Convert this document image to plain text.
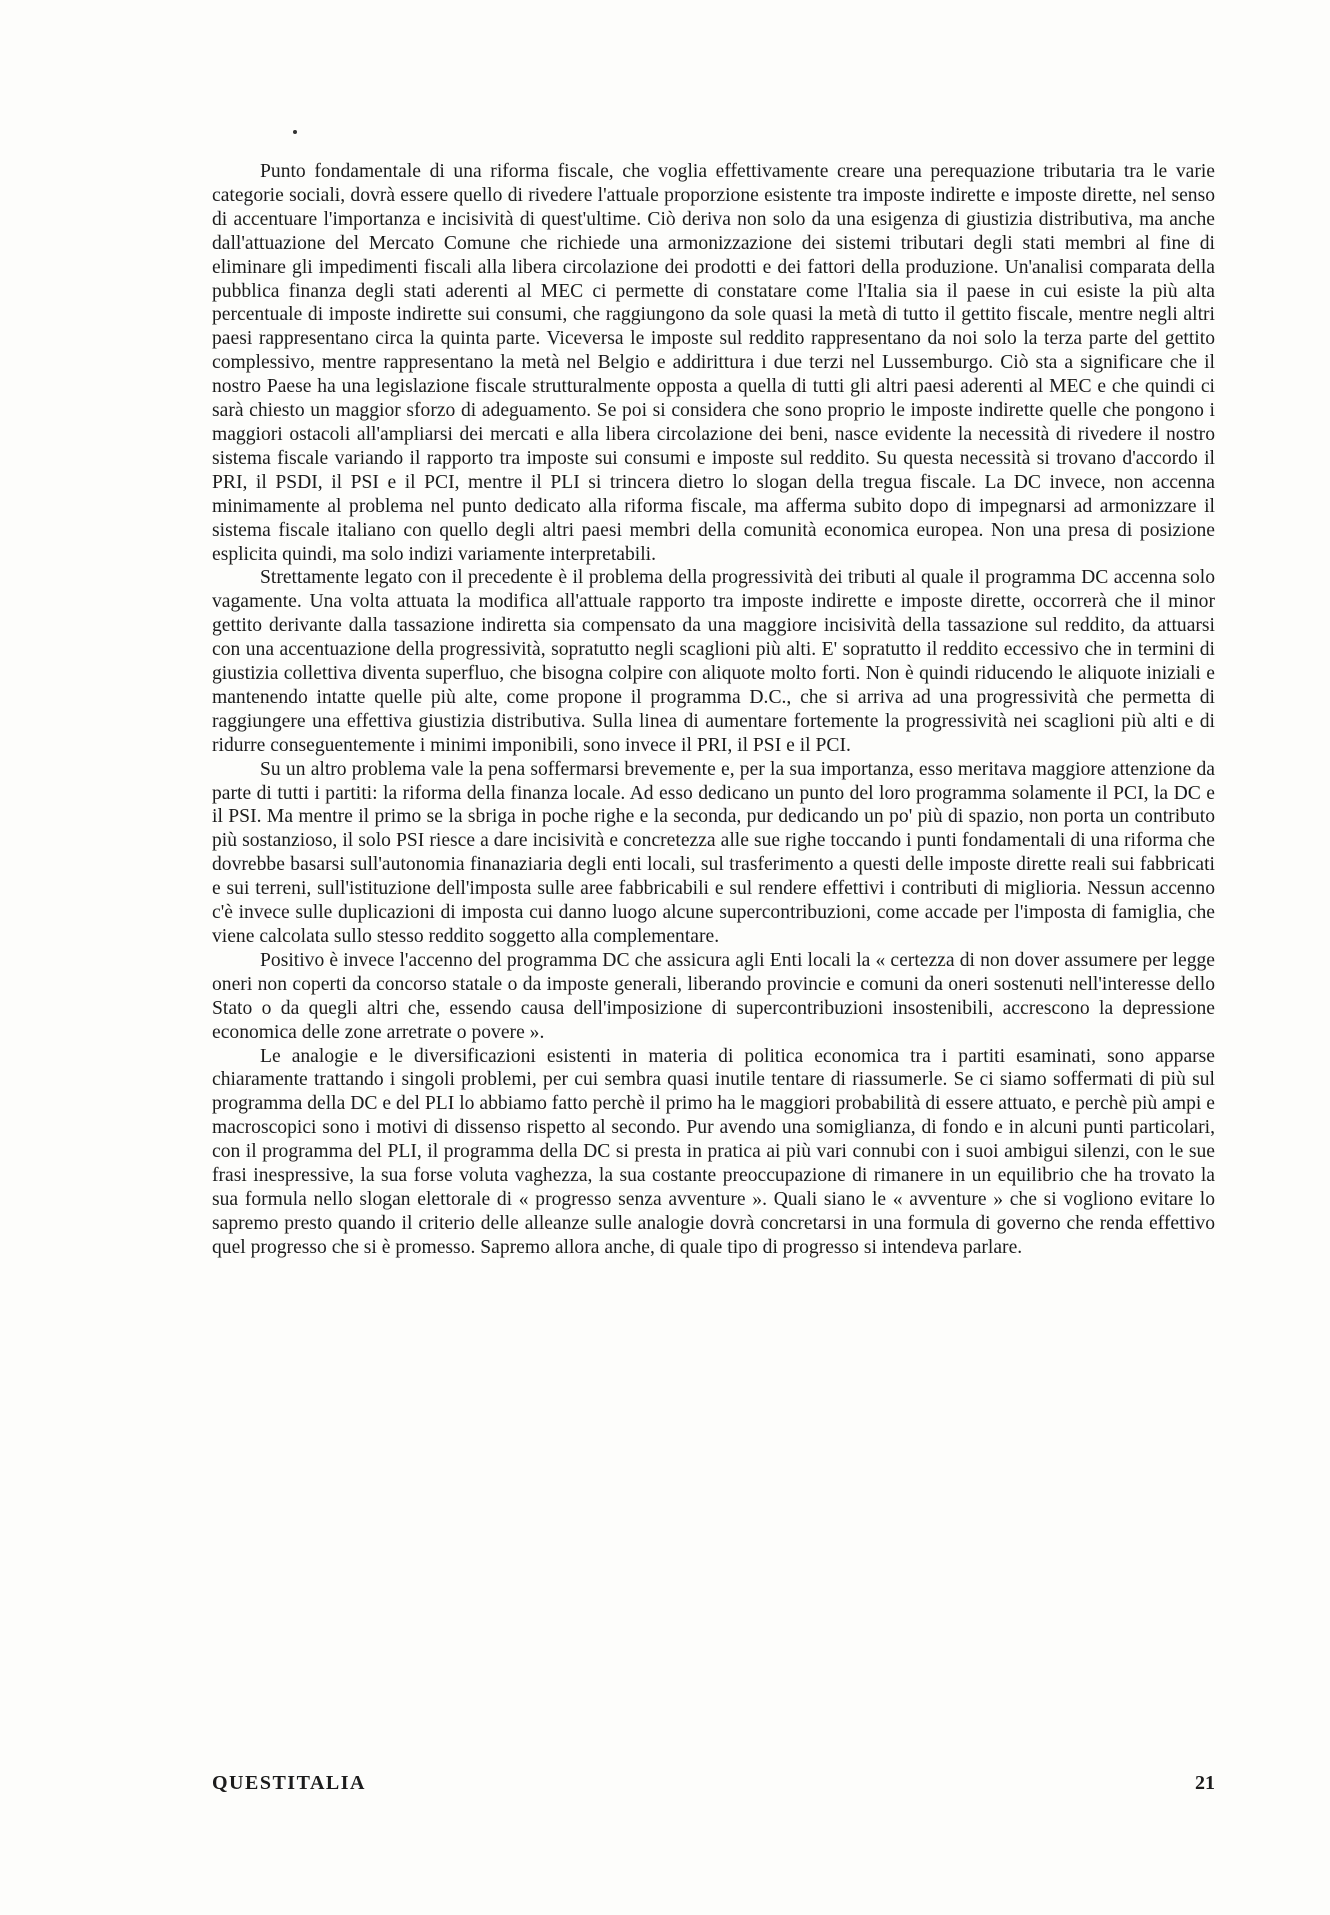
Punto fondamentale di una riforma fiscale, che voglia effettivamente creare una perequazione tributaria tra le varie categorie sociali, dovrà essere quello di rivedere l'attuale proporzione esistente tra imposte indirette e imposte dirette, nel senso di accentuare l'importanza e incisività di quest'ultime. Ciò deriva non solo da una esigenza di giustizia distributiva, ma anche dall'attuazione del Mercato Comune che richiede una armonizzazione dei sistemi tributari degli stati membri al fine di eliminare gli impedimenti fiscali alla libera circolazione dei prodotti e dei fattori della produzione. Un'analisi comparata della pubblica finanza degli stati aderenti al MEC ci permette di constatare come l'Italia sia il paese in cui esiste la più alta percentuale di imposte indirette sui consumi, che raggiungono da sole quasi la metà di tutto il gettito fiscale, mentre negli altri paesi rappresentano circa la quinta parte. Viceversa le imposte sul reddito rappresentano da noi solo la terza parte del gettito complessivo, mentre rappresentano la metà nel Belgio e addirittura i due terzi nel Lussemburgo. Ciò sta a significare che il nostro Paese ha una legislazione fiscale strutturalmente opposta a quella di tutti gli altri paesi aderenti al MEC e che quindi ci sarà chiesto un maggior sforzo di adeguamento. Se poi si considera che sono proprio le imposte indirette quelle che pongono i maggiori ostacoli all'ampliarsi dei mercati e alla libera circolazione dei beni, nasce evidente la necessità di rivedere il nostro sistema fiscale variando il rapporto tra imposte sui consumi e imposte sul reddito. Su questa necessità si trovano d'accordo il PRI, il PSDI, il PSI e il PCI, mentre il PLI si trincera dietro lo slogan della tregua fiscale. La DC invece, non accenna minimamente al problema nel punto dedicato alla riforma fiscale, ma afferma subito dopo di impegnarsi ad armonizzare il sistema fiscale italiano con quello degli altri paesi membri della comunità economica europea. Non una presa di posizione esplicita quindi, ma solo indizi variamente interpretabili.

Strettamente legato con il precedente è il problema della progressività dei tributi al quale il programma DC accenna solo vagamente. Una volta attuata la modifica all'attuale rapporto tra imposte indirette e imposte dirette, occorrerà che il minor gettito derivante dalla tassazione indiretta sia compensato da una maggiore incisività della tassazione sul reddito, da attuarsi con una accentuazione della progressività, sopratutto negli scaglioni più alti. E' sopratutto il reddito eccessivo che in termini di giustizia collettiva diventa superfluo, che bisogna colpire con aliquote molto forti. Non è quindi riducendo le aliquote iniziali e mantenendo intatte quelle più alte, come propone il programma D.C., che si arriva ad una progressività che permetta di raggiungere una effettiva giustizia distributiva. Sulla linea di aumentare fortemente la progressività nei scaglioni più alti e di ridurre conseguentemente i minimi imponibili, sono invece il PRI, il PSI e il PCI.

Su un altro problema vale la pena soffermarsi brevemente e, per la sua importanza, esso meritava maggiore attenzione da parte di tutti i partiti: la riforma della finanza locale. Ad esso dedicano un punto del loro programma solamente il PCI, la DC e il PSI. Ma mentre il primo se la sbriga in poche righe e la seconda, pur dedicando un po' più di spazio, non porta un contributo più sostanzioso, il solo PSI riesce a dare incisività e concretezza alle sue righe toccando i punti fondamentali di una riforma che dovrebbe basarsi sull'autonomia finanaziaria degli enti locali, sul trasferimento a questi delle imposte dirette reali sui fabbricati e sui terreni, sull'istituzione dell'imposta sulle aree fabbricabili e sul rendere effettivi i contributi di miglioria. Nessun accenno c'è invece sulle duplicazioni di imposta cui danno luogo alcune supercontribuzioni, come accade per l'imposta di famiglia, che viene calcolata sullo stesso reddito soggetto alla complementare.

Positivo è invece l'accenno del programma DC che assicura agli Enti locali la « certezza di non dover assumere per legge oneri non coperti da concorso statale o da imposte generali, liberando provincie e comuni da oneri sostenuti nell'interesse dello Stato o da quegli altri che, essendo causa dell'imposizione di supercontribuzioni insostenibili, accrescono la depressione economica delle zone arretrate o povere ».

Le analogie e le diversificazioni esistenti in materia di politica economica tra i partiti esaminati, sono apparse chiaramente trattando i singoli problemi, per cui sembra quasi inutile tentare di riassumerle. Se ci siamo soffermati di più sul programma della DC e del PLI lo abbiamo fatto perchè il primo ha le maggiori probabilità di essere attuato, e perchè più ampi e macroscopici sono i motivi di dissenso rispetto al secondo. Pur avendo una somiglianza, di fondo e in alcuni punti particolari, con il programma del PLI, il programma della DC si presta in pratica ai più vari connubi con i suoi ambigui silenzi, con le sue frasi inespressive, la sua forse voluta vaghezza, la sua costante preoccupazione di rimanere in un equilibrio che ha trovato la sua formula nello slogan elettorale di « progresso senza avventure ». Quali siano le « avventure » che si vogliono evitare lo sapremo presto quando il criterio delle alleanze sulle analogie dovrà concretarsi in una formula di governo che renda effettivo quel progresso che si è promesso. Sapremo allora anche, di quale tipo di progresso si intendeva parlare.

QUESTITALIA	21
